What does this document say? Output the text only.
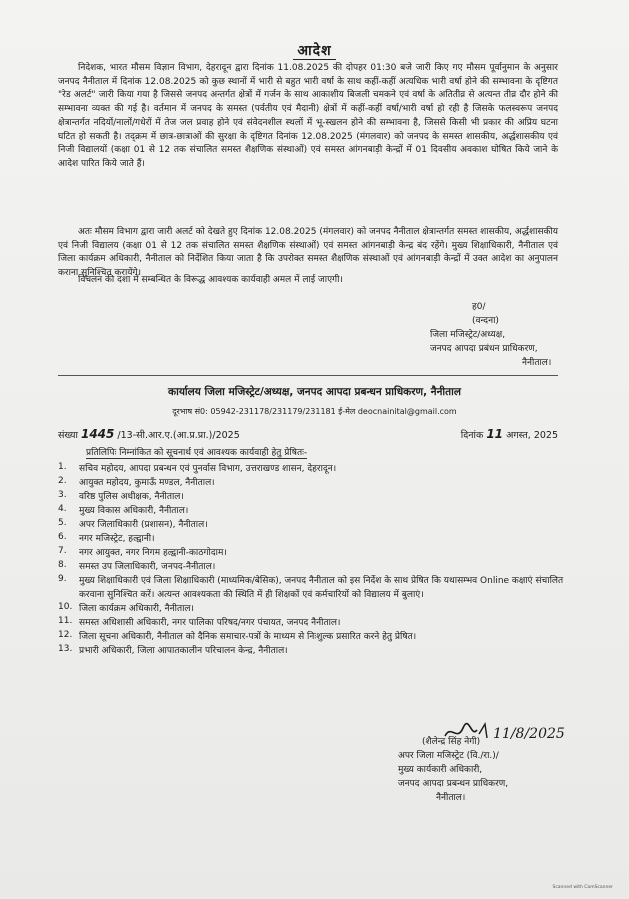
आदेश
निदेशक, भारत मौसम विज्ञान विभाग, देहरादून द्वारा दिनांक 11.08.2025 की दोपहर 01:30 बजे जारी किए गए मौसम पूर्वानुमान के अनुसार जनपद नैनीताल में दिनांक 12.08.2025 को कुछ स्थानों में भारी से बहुत भारी वर्षा के साथ कहीं-कहीं अत्यधिक भारी वर्षा होने की सम्भावना के दृष्टिगत "रेड अलर्ट" जारी किया गया है जिससे जनपद अन्तर्गत क्षेत्रों में गर्जन के साथ आकाशीय बिजली चमकने एवं वर्षा के अतितीव्र से अत्यन्त तीव्र दौर होने की सम्भावना व्यक्त की गई है। वर्तमान में जनपद के समस्त (पर्वतीय एवं मैदानी) क्षेत्रों में कहीं-कहीं वर्षा/भारी वर्षा हो रही है जिसके फलस्वरूप जनपद क्षेत्रान्तर्गत नदियों/नालों/गधेरों में तेज जल प्रवाह होने एवं संवेदनशील स्थलों में भू-स्खलन होने की सम्भावना है, जिससे किसी भी प्रकार की अप्रिय घटना घटित हो सकती है। तद्क्रम में छात्र-छात्राओं की सुरक्षा के दृष्टिगत दिनांक 12.08.2025 (मंगलवार) को जनपद के समस्त शासकीय, अर्द्धशासकीय एवं निजी विद्यालयों (कक्षा 01 से 12 तक संचालित समस्त शैक्षणिक संस्थाओं) एवं समस्त आंगनबाड़ी केन्द्रों में 01 दिवसीय अवकाश घोषित किये जाने के आदेश पारित किये जाते हैं।
अतः मौसम विभाग द्वारा जारी अलर्ट को देखते हुए दिनांक 12.08.2025 (मंगलवार) को जनपद नैनीताल क्षेत्रान्तर्गत समस्त शासकीय, अर्द्धशासकीय एवं निजी विद्यालय (कक्षा 01 से 12 तक संचालित समस्त शैक्षणिक संस्थाओं) एवं समस्त आंगनबाड़ी केन्द्र बंद रहेंगे। मुख्य शिक्षाधिकारी, नैनीताल एवं जिला कार्यक्रम अधिकारी, नैनीताल को निर्देशित किया जाता है कि उपरोक्त समस्त शैक्षणिक संस्थाओं एवं आंगनबाड़ी केन्द्रों में उक्त आदेश का अनुपालन कराना सुनिश्चित करायेंगे।
विचलन की दशा में सम्बन्धित के विरूद्ध आवश्यक कार्यवाही अमल में लाई जाएगी।
ह0/
(वन्दना)
जिला मजिस्ट्रेट/अध्यक्ष,
जनपद आपदा प्रबंधन प्राधिकरण,
नैनीताल।
कार्यालय जिला मजिस्ट्रेट/अध्यक्ष, जनपद आपदा प्रबन्धन प्राधिकरण, नैनीताल
दूरभाष सं0: 05942-231178/231179/231181 ई-मेल deocnainital@gmail.com
संख्या 1445 /13-सी.आर.ए.(आ.प्र.प्रा.)/2025	दिनांक 11 अगस्त, 2025
प्रतिलिपिः निम्नांकित को सूचनार्थ एवं आवश्यक कार्यवाही हेतु प्रेषितः-
1.	सचिव महोदय, आपदा प्रबन्धन एवं पुनर्वास विभाग, उत्तराखण्ड शासन, देहरादून।
2.	आयुक्त महोदय, कुमाऊँ मण्डल, नैनीताल।
3.	वरिष्ठ पुलिस अधीक्षक, नैनीताल।
4.	मुख्य विकास अधिकारी, नैनीताल।
5.	अपर जिलाधिकारी (प्रशासन), नैनीताल।
6.	नगर मजिस्ट्रेट, हल्द्वानी।
7.	नगर आयुक्त, नगर निगम हल्द्वानी-काठगोदाम।
8.	समस्त उप जिलाधिकारी, जनपद-नैनीताल।
9.	मुख्य शिक्षाधिकारी एवं जिला शिक्षाधिकारी (माध्यमिक/बेसिक), जनपद नैनीताल को इस निर्देश के साथ प्रेषित कि यथासम्भव Online कक्षाएं संचालित करवाना सुनिश्चित करें। अत्यन्त आवश्यकता की स्थिति में ही शिक्षकों एवं कर्मचारियों को विद्यालय में बुलाएं।
10. जिला कार्यक्रम अधिकारी, नैनीताल।
11. समस्त अधिशासी अधिकारी, नगर पालिका परिषद/नगर पंचायत, जनपद नैनीताल।
12. जिला सूचना अधिकारी, नैनीताल को दैनिक समाचार-पत्रों के माध्यम से निःशुल्क प्रसारित करने हेतु प्रेषित।
13. प्रभारी अधिकारी, जिला आपातकालीन परिचालन केन्द्र, नैनीताल।
11/8/2025
(शैलेन्द्र सिंह नेगी)
अपर जिला मजिस्ट्रेट (वि./रा.)/
मुख्य कार्यकारी अधिकारी,
जनपद आपदा प्रबन्धन प्राधिकरण,
नैनीताल।
Scanned with CamScanner
